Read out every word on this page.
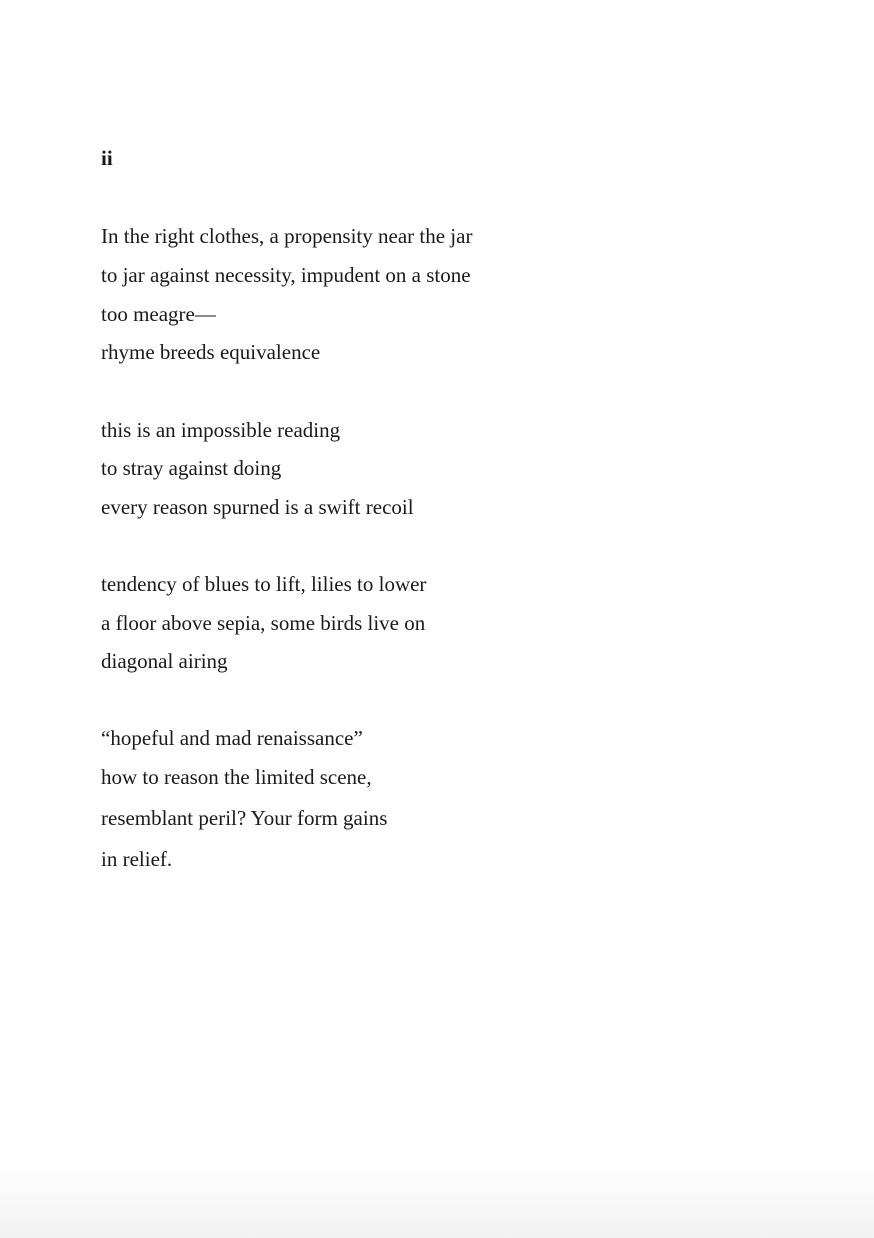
ii

In the right clothes, a propensity near the jar

to jar against necessity, impudent on a stone

too meagre—

rhyme breeds equivalence

this is an impossible reading

to stray against doing

every reason spurned is a swift recoil

tendency of blues to lift, lilies to lower

a floor above sepia, some birds live on

diagonal airing

“hopeful and mad renaissance”

how to reason the limited scene,

resemblant peril? Your form gains

in relief.
